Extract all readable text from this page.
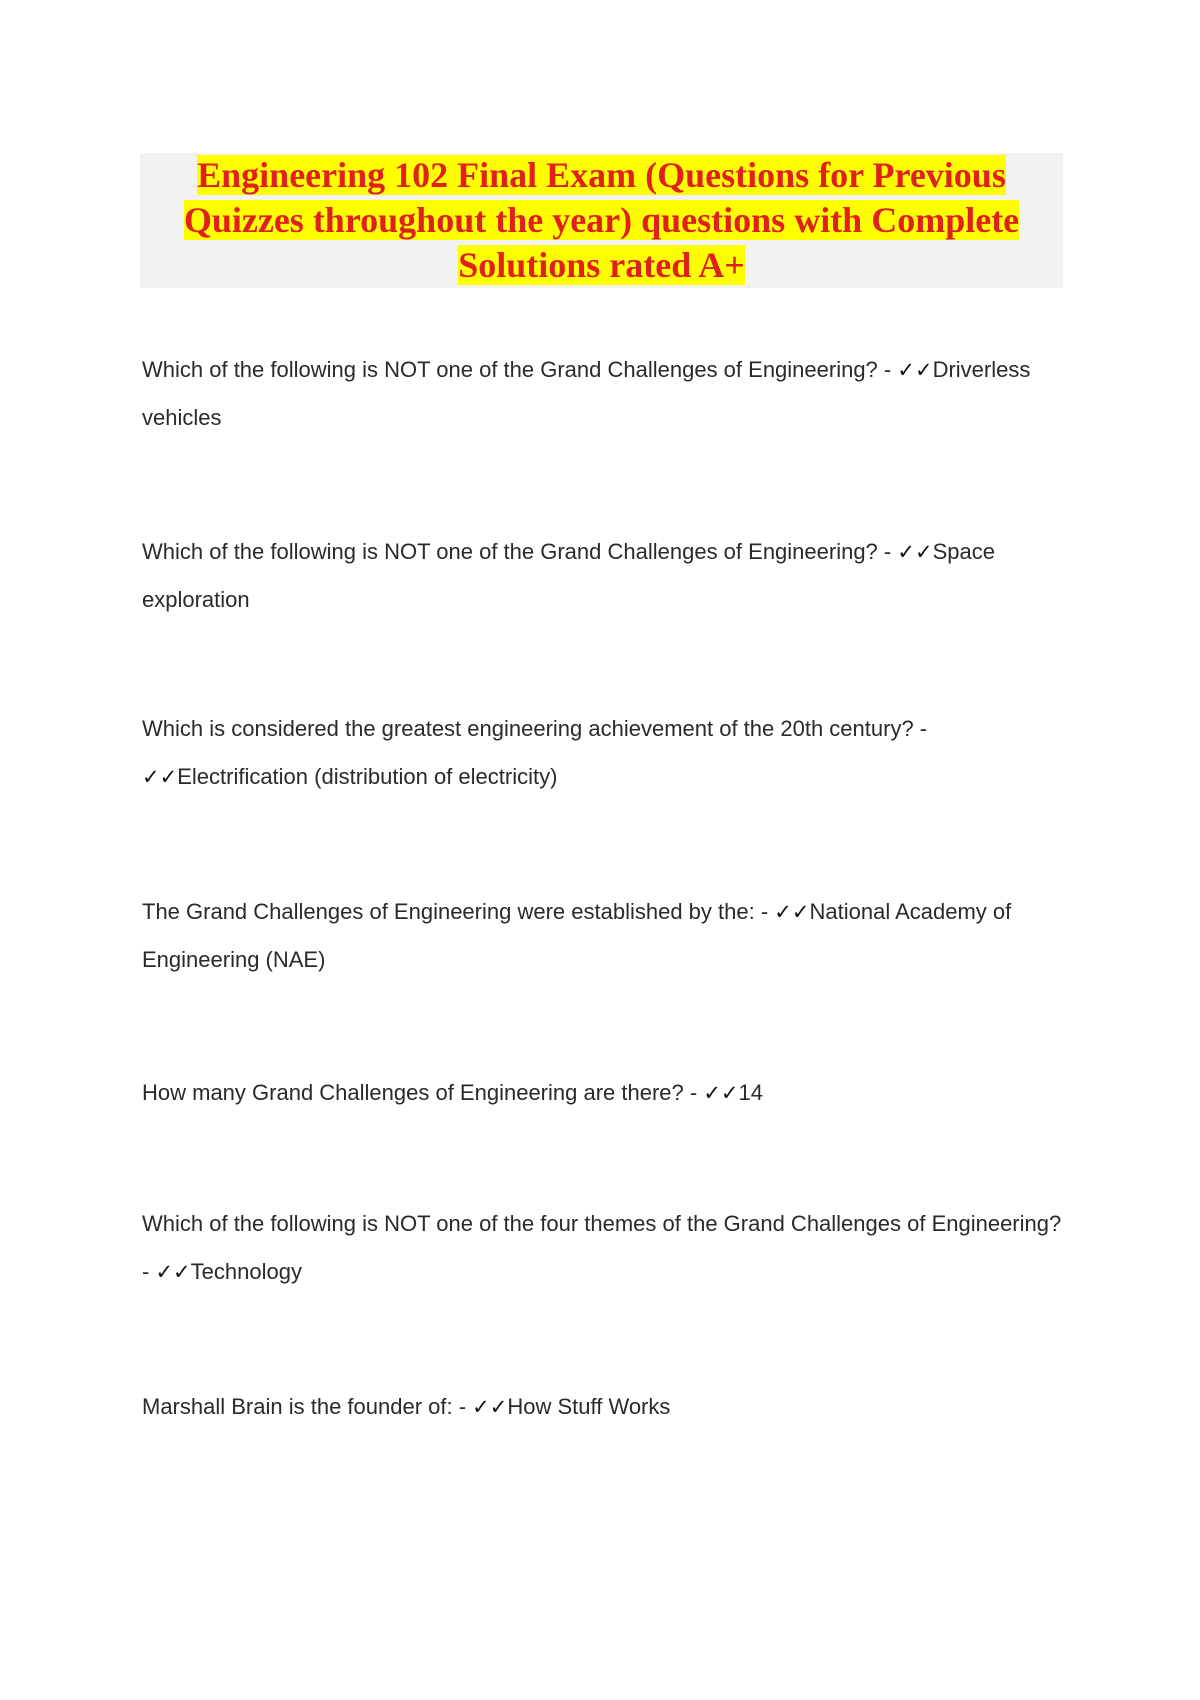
Engineering 102 Final Exam (Questions for Previous Quizzes throughout the year) questions with Complete Solutions rated A+

Which of the following is NOT one of the Grand Challenges of Engineering? - ✓✓Driverless vehicles

Which of the following is NOT one of the Grand Challenges of Engineering? - ✓✓Space exploration

Which is considered the greatest engineering achievement of the 20th century? - ✓✓Electrification (distribution of electricity)

The Grand Challenges of Engineering were established by the: - ✓✓National Academy of Engineering (NAE)

How many Grand Challenges of Engineering are there? - ✓✓14

Which of the following is NOT one of the four themes of the Grand Challenges of Engineering? - ✓✓Technology

Marshall Brain is the founder of: - ✓✓How Stuff Works
